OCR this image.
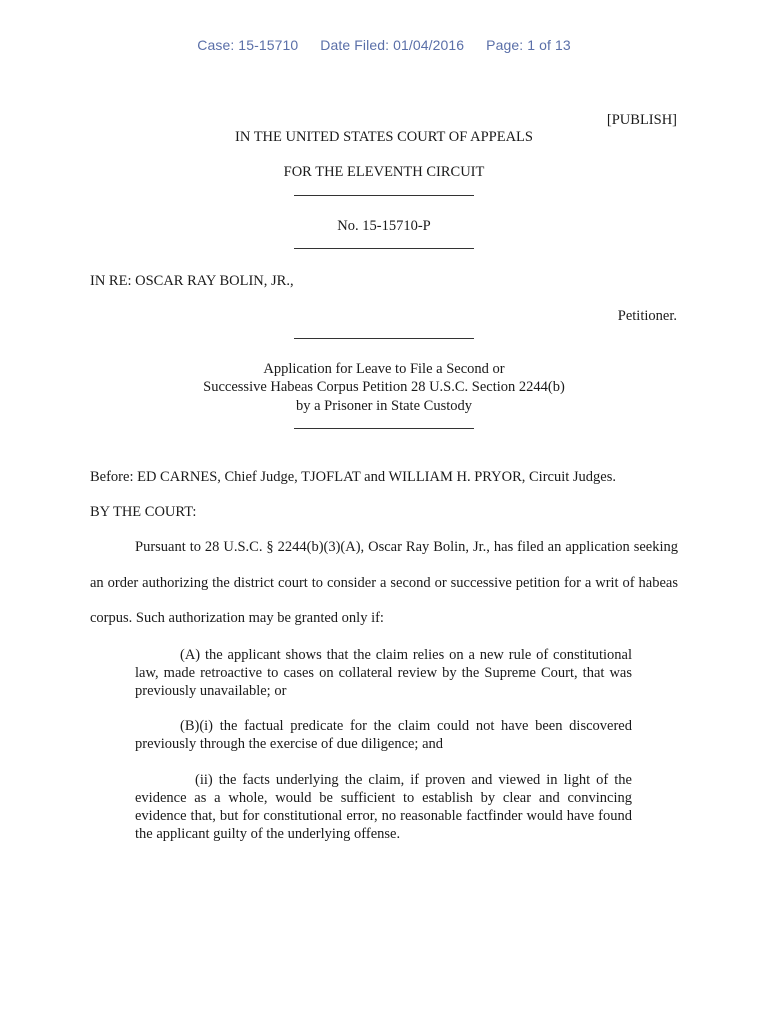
Case: 15-15710 Date Filed: 01/04/2016 Page: 1 of 13
[PUBLISH]
IN THE UNITED STATES COURT OF APPEALS
FOR THE ELEVENTH CIRCUIT
No. 15-15710-P
IN RE: OSCAR RAY BOLIN, JR.,
Petitioner.
Application for Leave to File a Second or
Successive Habeas Corpus Petition 28 U.S.C. Section 2244(b)
by a Prisoner in State Custody
Before: ED CARNES, Chief Judge, TJOFLAT and WILLIAM H. PRYOR, Circuit Judges.
BY THE COURT:

Pursuant to 28 U.S.C. § 2244(b)(3)(A), Oscar Ray Bolin, Jr., has filed an application seeking an order authorizing the district court to consider a second or successive petition for a writ of habeas corpus. Such authorization may be granted only if:

(A) the applicant shows that the claim relies on a new rule of constitutional law, made retroactive to cases on collateral review by the Supreme Court, that was previously unavailable; or

(B)(i) the factual predicate for the claim could not have been discovered previously through the exercise of due diligence; and

(ii) the facts underlying the claim, if proven and viewed in light of the evidence as a whole, would be sufficient to establish by clear and convincing evidence that, but for constitutional error, no reasonable factfinder would have found the applicant guilty of the underlying offense.
